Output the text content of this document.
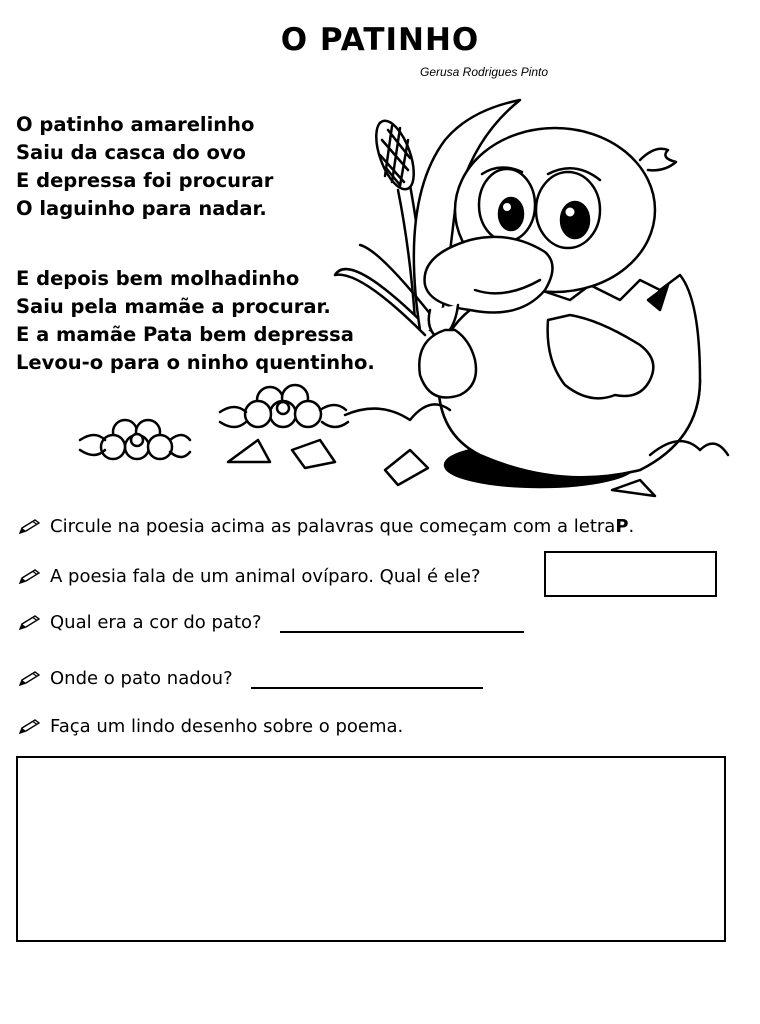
O PATINHO
Gerusa Rodrigues Pinto
O patinho amarelinho
Saiu da casca do ovo
E depressa foi procurar
O laguinho para nadar.
E depois bem molhadinho
Saiu pela mamãe a procurar.
E a mamãe Pata bem depressa
Levou-o para o ninho quentinho.
Circule na poesia acima as palavras que começam com a letra P .
A poesia fala de um animal ovíparo. Qual é ele?
Qual era a cor do pato?
Onde o pato nadou?
Faça um lindo desenho sobre o poema.
